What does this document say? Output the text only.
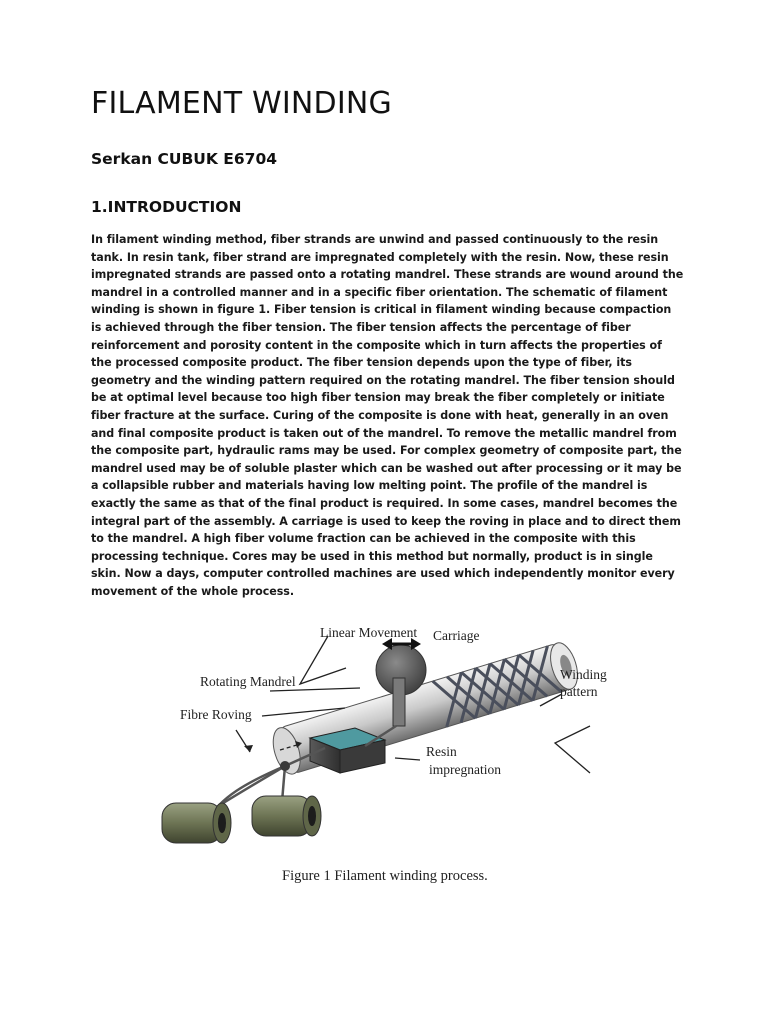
FILAMENT WINDING
Serkan CUBUK E6704
1.INTRODUCTION

In filament winding method, fiber strands are unwind and passed continuously to the resin tank. In resin tank, fiber strand are impregnated completely with the resin. Now, these resin impregnated strands are passed onto a rotating mandrel. These strands are wound around the mandrel in a controlled manner and in a specific fiber orientation. The schematic of filament winding is shown in figure 1. Fiber tension is critical in filament winding because compaction is achieved through the fiber tension. The fiber tension affects the percentage of fiber reinforcement and porosity content in the composite which in turn affects the properties of the processed composite product. The fiber tension depends upon the type of fiber, its geometry and the winding pattern required on the rotating mandrel. The fiber tension should be at optimal level because too high fiber tension may break the fiber completely or initiate fiber fracture at the surface. Curing of the composite is done with heat, generally in an oven and final composite product is taken out of the mandrel. To remove the metallic mandrel from the composite part, hydraulic rams may be used. For complex geometry of composite part, the mandrel used may be of soluble plaster which can be washed out after processing or it may be a collapsible rubber and materials having low melting point. The profile of the mandrel is exactly the same as that of the final product is required. In some cases, mandrel becomes the integral part of the assembly. A carriage is used to keep the roving in place and to direct them to the mandrel. A high fiber volume fraction can be achieved in the composite with this processing technique. Cores may be used in this method but normally, product is in single skin. Now a days, computer controlled machines are used which independently monitor every movement of the whole process.

Linear Movement Carriage
Rotating Mandrel
Fibre Roving
Winding
pattern
Resin
impregnation

Figure 1 Filament winding process.
